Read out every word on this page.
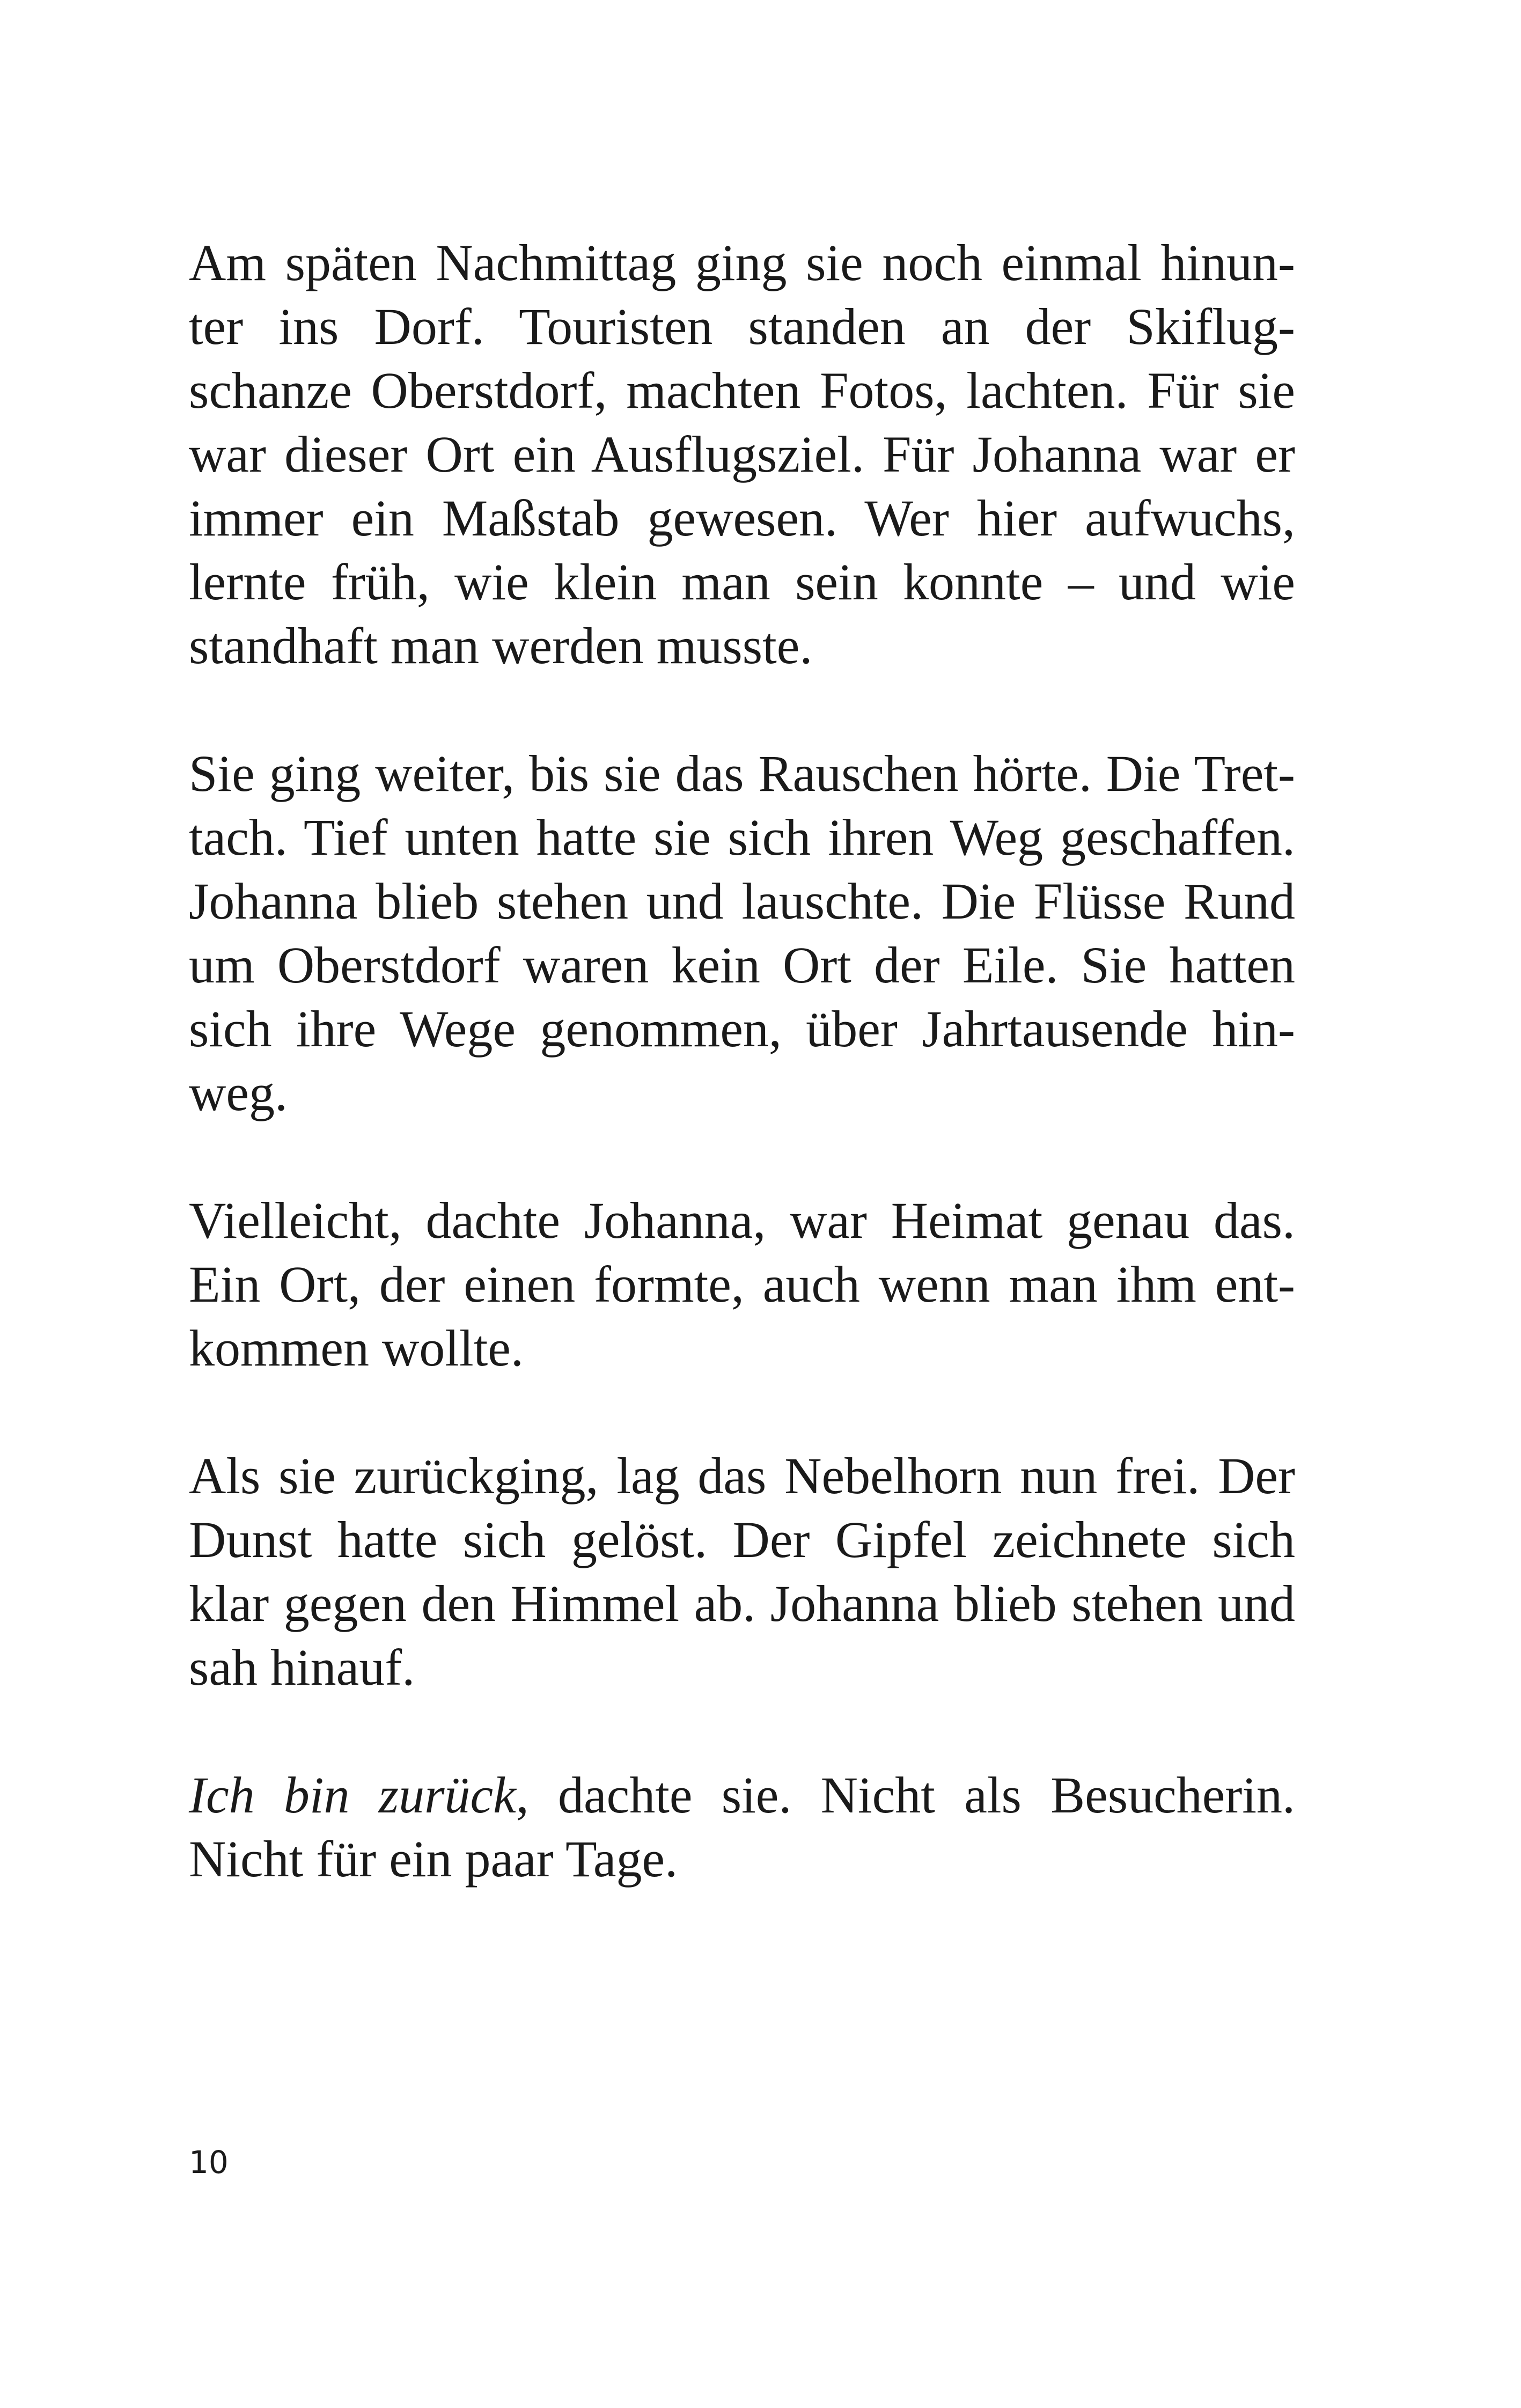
Am späten Nachmittag ging sie noch einmal hinun-
ter ins Dorf. Touristen standen an der Skiflug-
schanze Oberstdorf, machten Fotos, lachten. Für sie
war dieser Ort ein Ausflugsziel. Für Johanna war er
immer ein Maßstab gewesen. Wer hier aufwuchs,
lernte früh, wie klein man sein konnte – und wie
standhaft man werden musste.

Sie ging weiter, bis sie das Rauschen hörte. Die Tret-
tach. Tief unten hatte sie sich ihren Weg geschaffen.
Johanna blieb stehen und lauschte. Die Flüsse Rund
um Oberstdorf waren kein Ort der Eile. Sie hatten
sich ihre Wege genommen, über Jahrtausende hin-
weg.

Vielleicht, dachte Johanna, war Heimat genau das.
Ein Ort, der einen formte, auch wenn man ihm ent-
kommen wollte.

Als sie zurückging, lag das Nebelhorn nun frei. Der
Dunst hatte sich gelöst. Der Gipfel zeichnete sich
klar gegen den Himmel ab. Johanna blieb stehen und
sah hinauf.

Ich bin zurück, dachte sie. Nicht als Besucherin.
Nicht für ein paar Tage.

10
